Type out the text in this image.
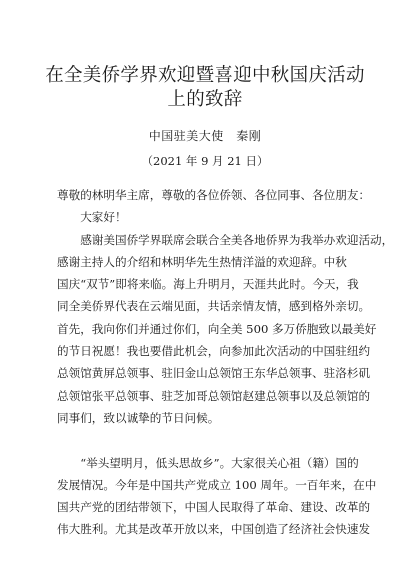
在全美侨学界欢迎暨喜迎中秋国庆活动上的致辞
中国驻美大使　秦刚
（2021 年 9 月 21 日）
尊敬的林明华主席，尊敬的各位侨领、各位同事、各位朋友：
　　大家好！
　　感谢美国侨学界联席会联合全美各地侨界为我举办欢迎活动，
感谢主持人的介绍和林明华先生热情洋溢的欢迎辞。中秋
国庆“双节”即将来临。海上升明月，天涯共此时。今天，我
同全美侨界代表在云端见面，共话亲情友情，感到格外亲切。
首先，我向你们并通过你们，向全美 500 多万侨胞致以最美好
的节日祝愿！我也要借此机会，向参加此次活动的中国驻纽约
总领馆黄屏总领事、驻旧金山总领馆王东华总领事、驻洛杉矶
总领馆张平总领事、驻芝加哥总领馆赵建总领事以及总领馆的
同事们，致以诚挚的节日问候。
　　“举头望明月，低头思故乡”。大家很关心祖（籍）国的
发展情况。今年是中国共产党成立 100 周年。一百年来，在中
国共产党的团结带领下，中国人民取得了革命、建设、改革的
伟大胜利。尤其是改革开放以来，中国创造了经济社会快速发
